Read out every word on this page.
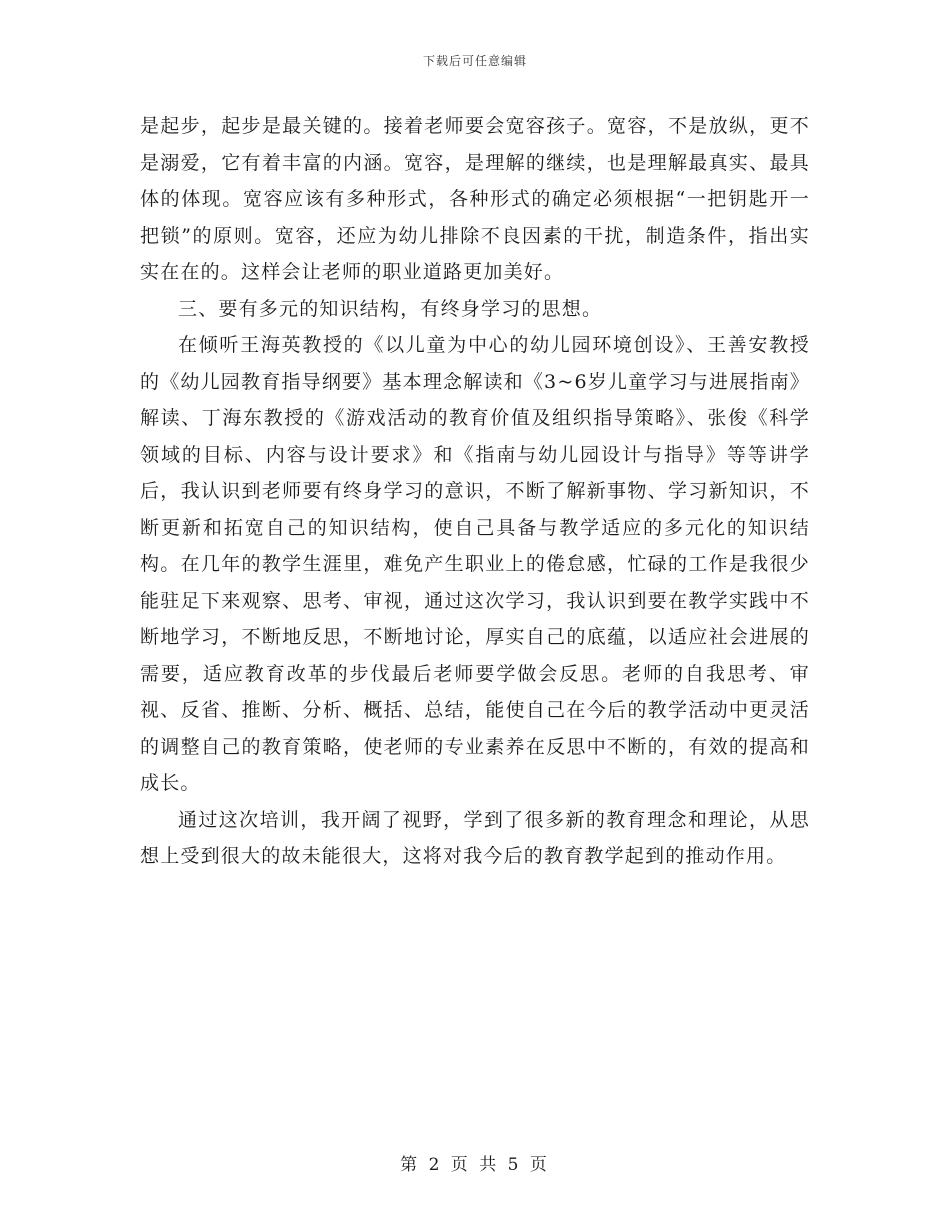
下载后可任意编辑

是起步，起步是最关键的。接着老师要会宽容孩子。宽容，不是放纵，更不是溺爱，它有着丰富的内涵。宽容，是理解的继续，也是理解最真实、最具体的体现。宽容应该有多种形式，各种形式的确定必须根据“一把钥匙开一把锁”的原则。宽容，还应为幼儿排除不良因素的干扰，制造条件，指出实实在在的。这样会让老师的职业道路更加美好。

三、要有多元的知识结构，有终身学习的思想。

在倾听王海英教授的《以儿童为中心的幼儿园环境创设》、王善安教授的《幼儿园教育指导纲要》基本理念解读和《3~6岁儿童学习与进展指南》解读、丁海东教授的《游戏活动的教育价值及组织指导策略》、张俊《科学领域的目标、内容与设计要求》和《指南与幼儿园设计与指导》等等讲学后，我认识到老师要有终身学习的意识，不断了解新事物、学习新知识，不断更新和拓宽自己的知识结构，使自己具备与教学适应的多元化的知识结构。在几年的教学生涯里，难免产生职业上的倦怠感，忙碌的工作是我很少能驻足下来观察、思考、审视，通过这次学习，我认识到要在教学实践中不断地学习，不断地反思，不断地讨论，厚实自己的底蕴，以适应社会进展的需要，适应教育改革的步伐最后老师要学做会反思。老师的自我思考、审视、反省、推断、分析、概括、总结，能使自己在今后的教学活动中更灵活的调整自己的教育策略，使老师的专业素养在反思中不断的，有效的提高和成长。

通过这次培训，我开阔了视野，学到了很多新的教育理念和理论，从思想上受到很大的故未能很大，这将对我今后的教育教学起到的推动作用。

第 2 页 共 5 页
